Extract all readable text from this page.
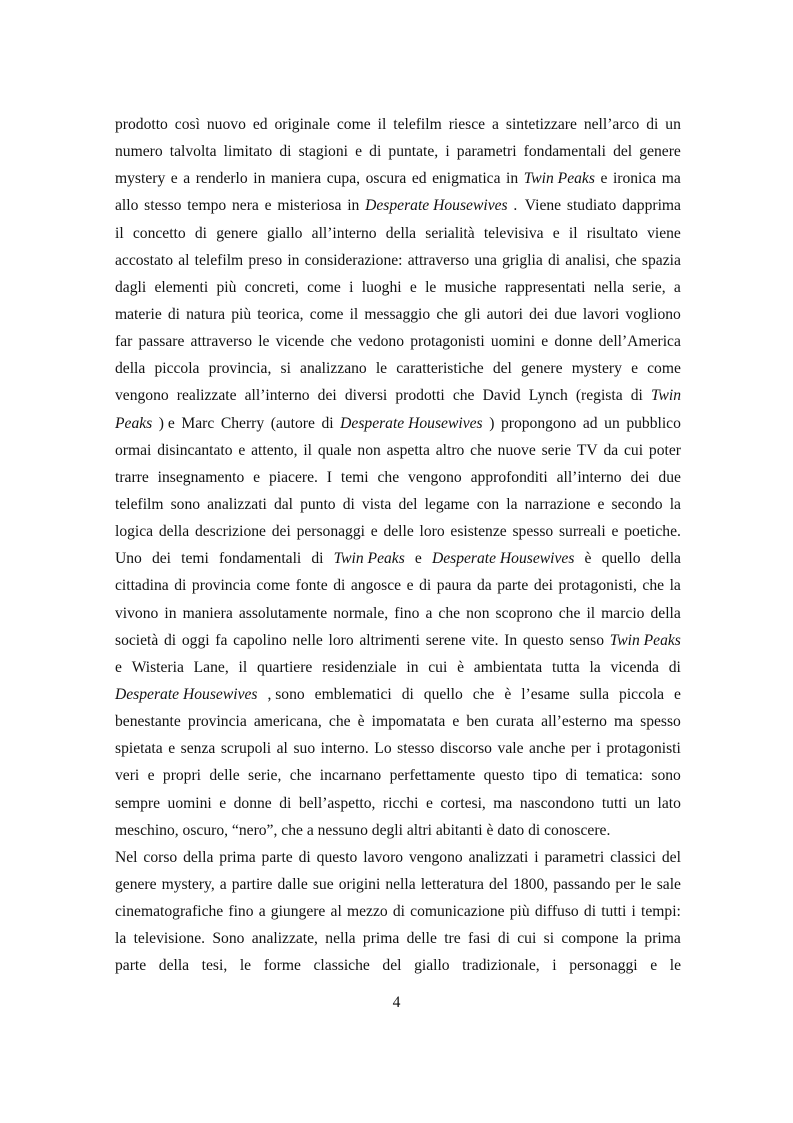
prodotto così nuovo ed originale come il telefilm riesce a sintetizzare nell’arco di un
numero talvolta limitato di stagioni e di puntate, i parametri fondamentali del genere
mystery e a renderlo in maniera cupa, oscura ed enigmatica in Twin Peaks e ironica ma
allo stesso tempo nera e misteriosa in Desperate Housewives .  Viene studiato dapprima
il concetto di genere giallo all’interno della serialità televisiva e il risultato viene
accostato al telefilm preso in considerazione: attraverso una griglia di analisi, che spazia
dagli elementi più concreti, come i luoghi e le musiche rappresentati nella serie, a
materie di natura più teorica, come il messaggio che gli autori dei due lavori vogliono
far passare attraverso le vicende che vedono protagonisti uomini e donne dell’America
della piccola provincia, si analizzano le caratteristiche del genere mystery e come
vengono realizzate all’interno dei diversi prodotti che David Lynch (regista di Twin
Peaks ) e Marc Cherry (autore di Desperate Housewives ) propongono ad un pubblico
ormai disincantato e attento, il quale non aspetta altro che nuove serie TV da cui poter
trarre insegnamento e piacere. I temi che vengono approfonditi all’interno dei due
telefilm sono analizzati dal punto di vista del legame con la narrazione e secondo la
logica della descrizione dei personaggi e delle loro esistenze spesso surreali e poetiche.
Uno dei temi fondamentali di Twin Peaks e Desperate Housewives è quello della
cittadina di provincia come fonte di angosce e di paura da parte dei protagonisti, che la
vivono in maniera assolutamente normale, fino a che non scoprono che il marcio della
società di oggi fa capolino nelle loro altrimenti serene vite. In questo senso Twin Peaks
e Wisteria Lane, il quartiere residenziale in cui è ambientata tutta la vicenda di
Desperate Housewives , sono emblematici di quello che è l’esame sulla piccola e
benestante provincia americana, che è impomatata e ben curata all’esterno ma spesso
spietata e senza scrupoli al suo interno. Lo stesso discorso vale anche per i protagonisti
veri e propri delle serie, che incarnano perfettamente questo tipo di tematica: sono
sempre uomini e donne di bell’aspetto, ricchi e cortesi, ma nascondono tutti un lato
meschino, oscuro, “nero”, che a nessuno degli altri abitanti è dato di conoscere.
Nel corso della prima parte di questo lavoro vengono analizzati i parametri classici del
genere mystery, a partire dalle sue origini nella letteratura del 1800, passando per le sale
cinematografiche fino a giungere al mezzo di comunicazione più diffuso di tutti i tempi:
la televisione. Sono analizzate, nella prima delle tre fasi di cui si compone la prima
parte della tesi, le forme classiche del giallo tradizionale, i personaggi e le
4
